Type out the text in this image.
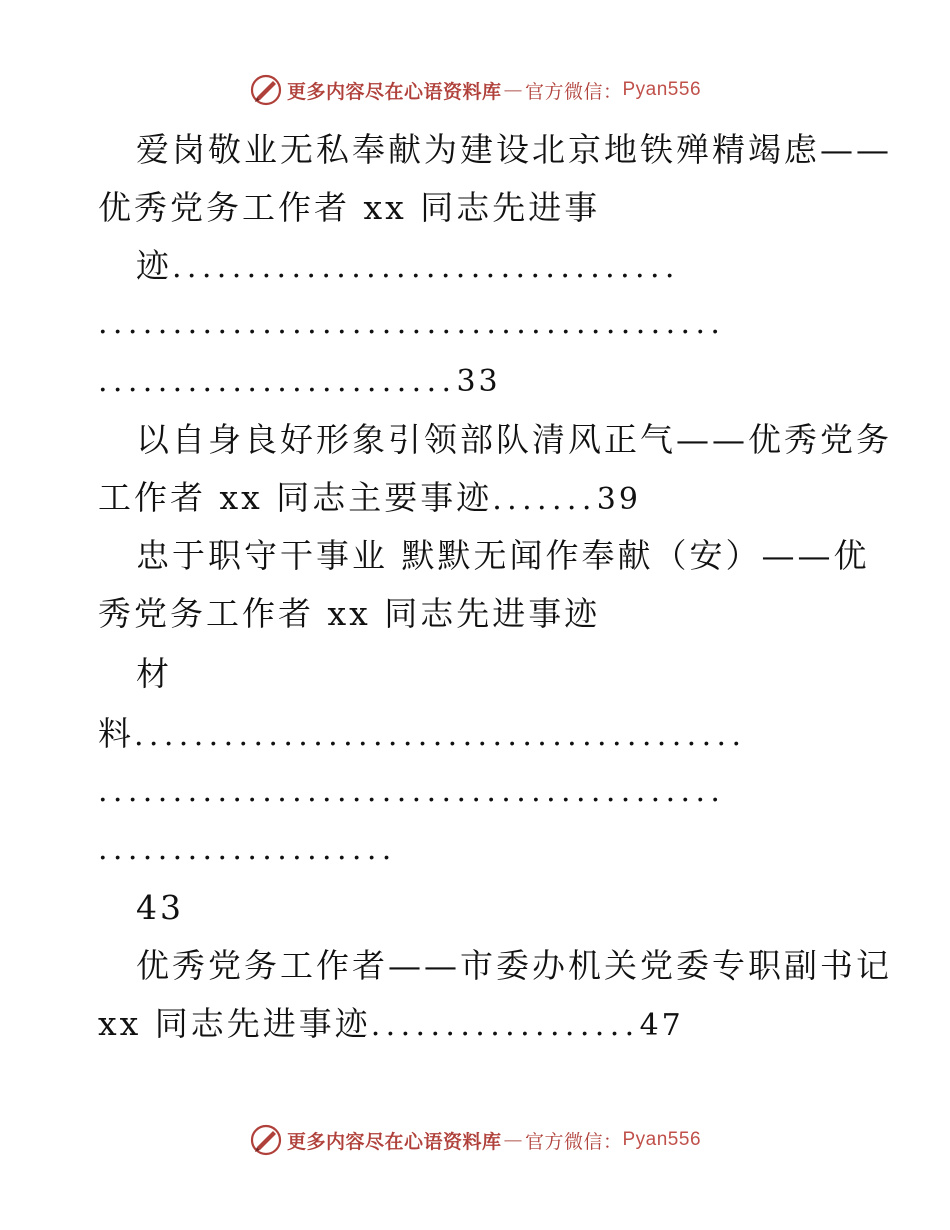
更多内容尽在心语资料库 — 官方微信： Pyan556
爱岗敬业无私奉献为建设北京地铁殚精竭虑——
优秀党务工作者 xx 同志先进事
迹..................................
..........................................
........................33
以自身良好形象引领部队清风正气——优秀党务
工作者 xx 同志主要事迹.......39
忠于职守干事业 默默无闻作奉献（安）——优
秀党务工作者 xx 同志先进事迹
材
料.........................................
..........................................
....................
43
优秀党务工作者——市委办机关党委专职副书记
xx 同志先进事迹..................47
更多内容尽在心语资料库 — 官方微信： Pyan556
